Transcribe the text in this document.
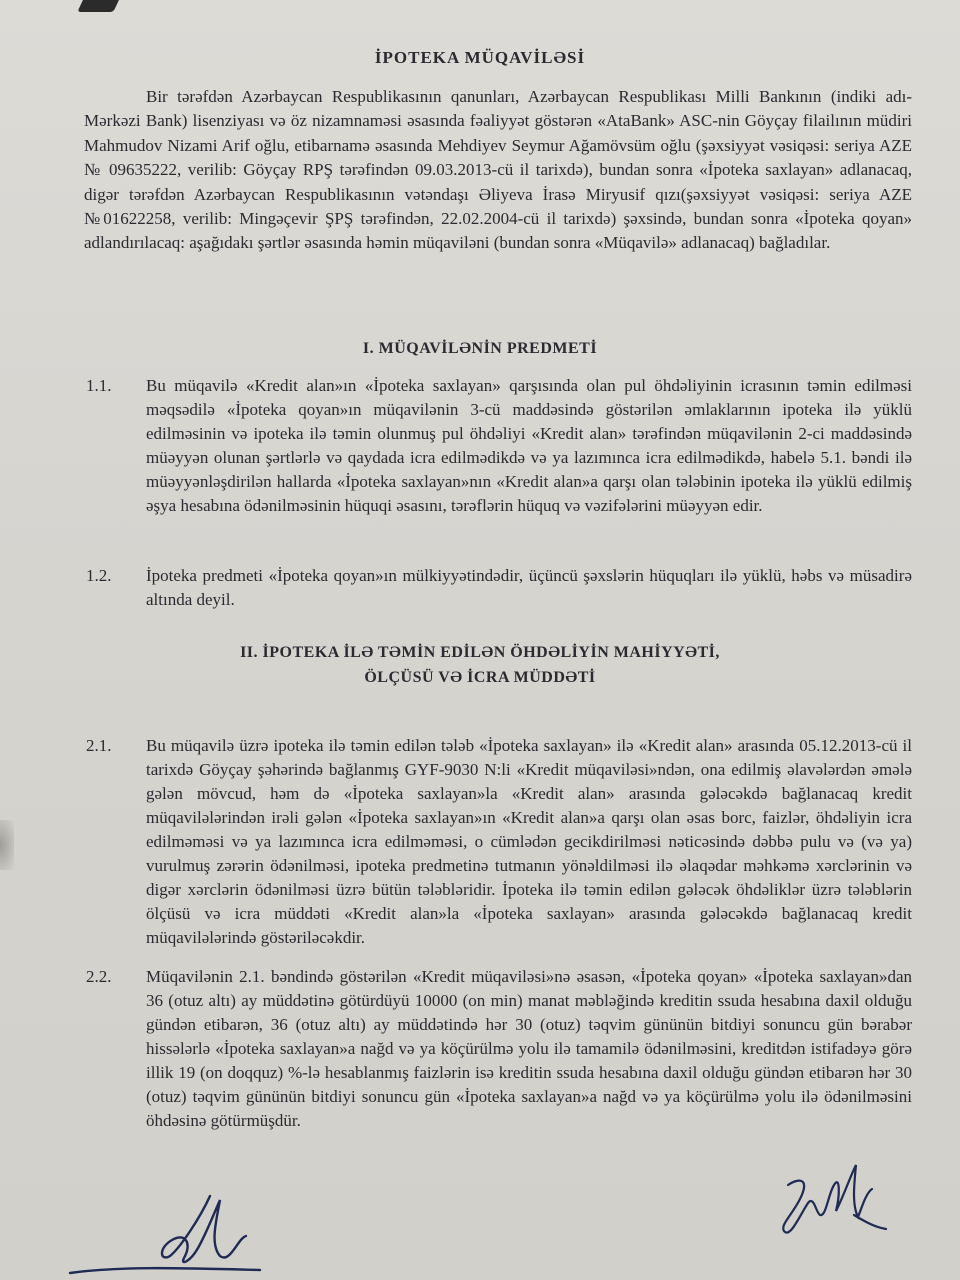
İPOTEKA MÜQAVİLƏSİ

Bir tərəfdən Azərbaycan Respublikasının qanunları, Azərbaycan Respublikası Milli Bankının (indiki adı- Mərkəzi Bank) lisenziyası və öz nizamnaməsi əsasında fəaliyyət göstərən «AtaBank» ASC-nin Göyçay filailının müdiri Mahmudov Nizami Arif oğlu, etibarnamə əsasında Mehdiyev Seymur Ağamövsüm oğlu (şəxsiyyət vəsiqəsi: seriya AZE № 09635222, verilib: Göyçay RPŞ tərəfindən 09.03.2013-cü il tarixdə), bundan sonra «İpoteka saxlayan» adlanacaq, digər tərəfdən Azərbaycan Respublikasının vətəndaşı Əliyeva İrasə Miryusif qızı(şəxsiyyət vəsiqəsi: seriya AZE №01622258, verilib: Mingəçevir ŞPŞ tərəfindən, 22.02.2004-cü il tarixdə) şəxsində, bundan sonra «İpoteka qoyan» adlandırılacaq: aşağıdakı şərtlər əsasında həmin müqaviləni (bundan sonra «Müqavilə» adlanacaq) bağladılar.

I. MÜQAVİLƏNİN PREDMETİ
1.1. Bu müqavilə «Kredit alan»ın «İpoteka saxlayan» qarşısında olan pul öhdəliyinin icrasının təmin edilməsi məqsədilə «İpoteka qoyan»ın müqavilənin 3-cü maddəsində göstərilən əmlaklarının ipoteka ilə yüklü edilməsinin və ipoteka ilə təmin olunmuş pul öhdəliyi «Kredit alan» tərəfindən müqavilənin 2-ci maddəsində müəyyən olunan şərtlərlə və qaydada icra edilmədikdə və ya lazımınca icra edilmədikdə, habelə 5.1. bəndi ilə müəyyənləşdirilən hallarda «İpoteka saxlayan»nın «Kredit alan»a qarşı olan tələbinin ipoteka ilə yüklü edilmiş əşya hesabına ödənilməsinin hüquqi əsasını, tərəflərin hüquq və vəzifələrini müəyyən edir.

1.2. İpoteka predmeti «İpoteka qoyan»ın mülkiyyətindədir, üçüncü şəxslərin hüquqları ilə yüklü, həbs və müsadirə altında deyil.

II. İPOTEKA İLƏ TƏMİN EDİLƏN ÖHDƏLİYİN MAHİYYƏTİ,
ÖLÇÜSÜ VƏ İCRA MÜDDƏTİ
2.1. Bu müqavilə üzrə ipoteka ilə təmin edilən tələb «İpoteka saxlayan» ilə «Kredit alan» arasında 05.12.2013-cü il tarixdə Göyçay şəhərində bağlanmış GYF-9030 N:li «Kredit müqaviləsi»ndən, ona edilmiş əlavələrdən əmələ gələn mövcud, həm də «İpoteka saxlayan»la «Kredit alan» arasında gələcəkdə bağlanacaq kredit müqavilələrindən irəli gələn «İpoteka saxlayan»ın «Kredit alan»a qarşı olan əsas borc, faizlər, öhdəliyin icra edilməməsi və ya lazımınca icra edilməməsi, o cümlədən gecikdirilməsi nəticəsində dəbbə pulu və (və ya) vurulmuş zərərin ödənilməsi, ipoteka predmetinə tutmanın yönəldilməsi ilə əlaqədar məhkəmə xərclərinin və digər xərclərin ödənilməsi üzrə bütün tələbləridir. İpoteka ilə təmin edilən gələcək öhdəliklər üzrə tələblərin ölçüsü və icra müddəti «Kredit alan»la «İpoteka saxlayan» arasında gələcəkdə bağlanacaq kredit müqavilələrində göstəriləcəkdir.

2.2. Müqavilənin 2.1. bəndində göstərilən «Kredit müqaviləsi»nə əsasən, «İpoteka qoyan» «İpoteka saxlayan»dan 36 (otuz altı) ay müddətinə götürdüyü 10000 (on min) manat məbləğində kreditin ssuda hesabına daxil olduğu gündən etibarən, 36 (otuz altı) ay müddətində hər 30 (otuz) təqvim gününün bitdiyi sonuncu gün bərabər hissələrlə «İpoteka saxlayan»a nağd və ya köçürülmə yolu ilə tamamilə ödənilməsini, kreditdən istifadəyə görə illik 19 (on doqquz) %-lə hesablanmış faizlərin isə kreditin ssuda hesabına daxil olduğu gündən etibarən hər 30 (otuz) təqvim gününün bitdiyi sonuncu gün «İpoteka saxlayan»a nağd və ya köçürülmə yolu ilə ödənilməsini öhdəsinə götürmüşdür.
